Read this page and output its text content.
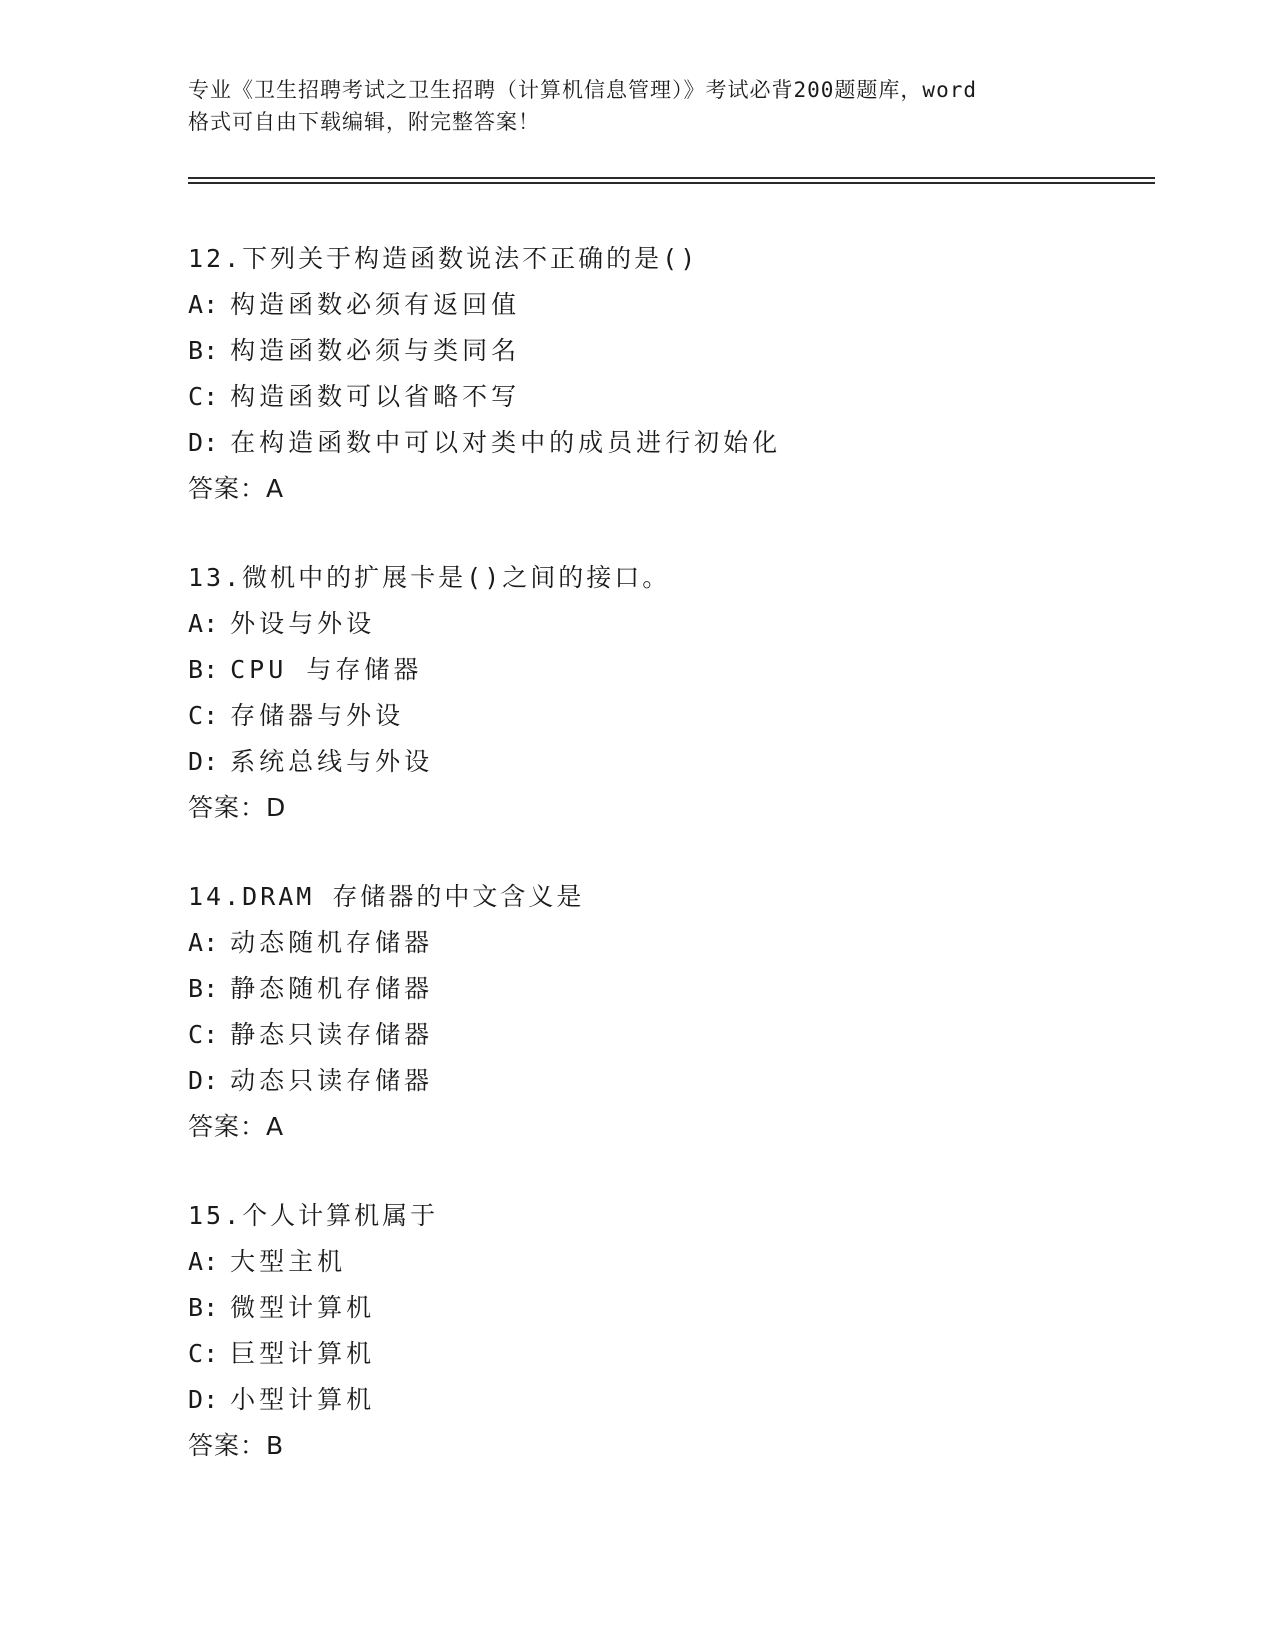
专业《卫生招聘考试之卫生招聘（计算机信息管理）》考试必背200题题库，word
格式可自由下载编辑，附完整答案！
12.下列关于构造函数说法不正确的是()
A: 构造函数必须有返回值
B: 构造函数必须与类同名
C: 构造函数可以省略不写
D: 在构造函数中可以对类中的成员进行初始化
答案：A
13.微机中的扩展卡是()之间的接口。
A: 外设与外设
B: CPU 与存储器
C: 存储器与外设
D: 系统总线与外设
答案：D
14.DRAM 存储器的中文含义是
A: 动态随机存储器
B: 静态随机存储器
C: 静态只读存储器
D: 动态只读存储器
答案：A
15.个人计算机属于
A: 大型主机
B: 微型计算机
C: 巨型计算机
D: 小型计算机
答案：B
